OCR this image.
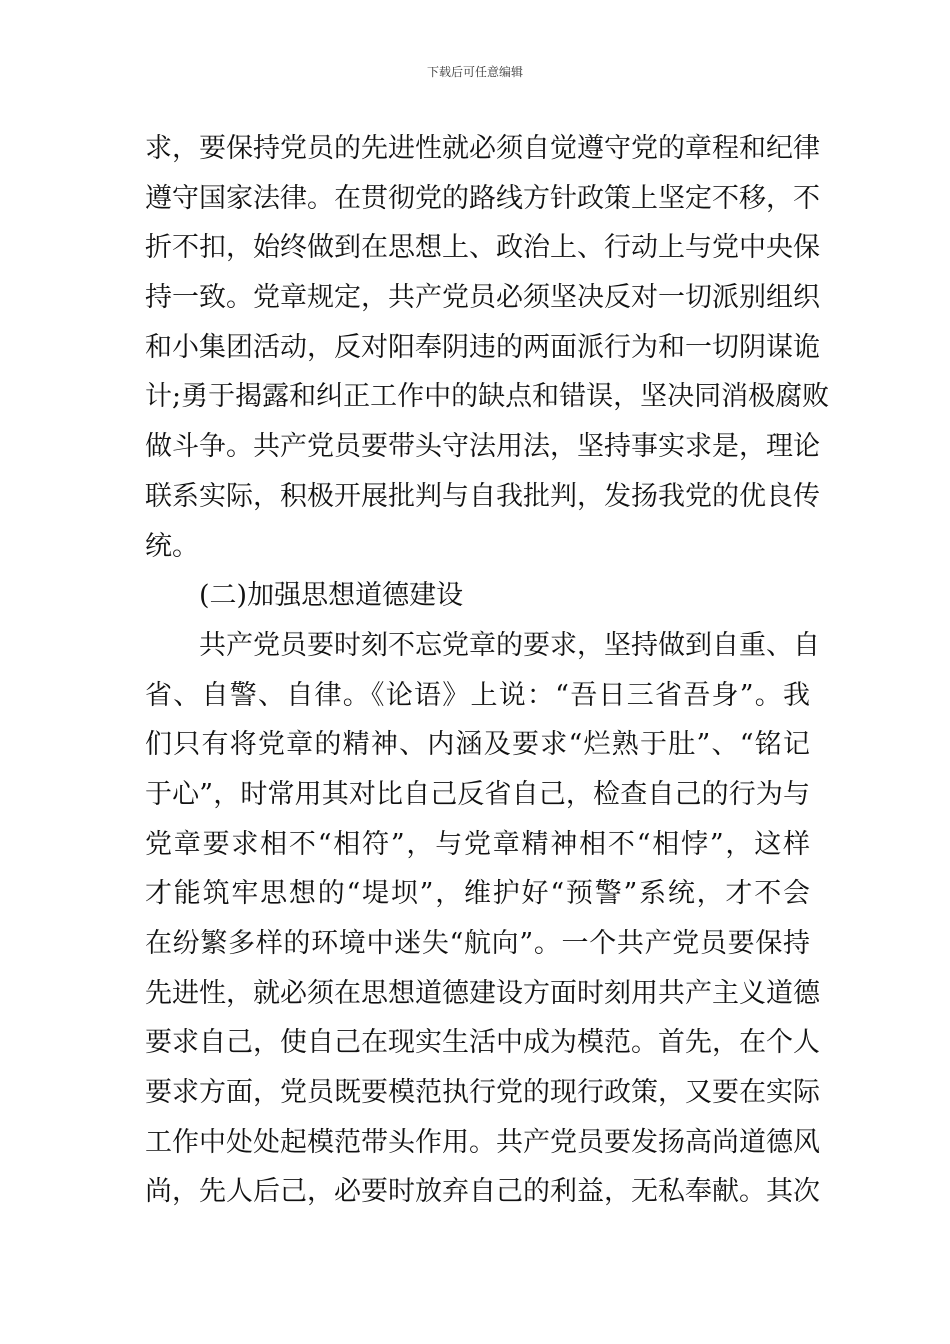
下载后可任意编辑
求，要保持党员的先进性就必须自觉遵守党的章程和纪律
遵守国家法律。在贯彻党的路线方针政策上坚定不移，不
折不扣，始终做到在思想上、政治上、行动上与党中央保
持一致。党章规定，共产党员必须坚决反对一切派别组织
和小集团活动，反对阳奉阴违的两面派行为和一切阴谋诡
计;勇于揭露和纠正工作中的缺点和错误，坚决同消极腐败
做斗争。共产党员要带头守法用法，坚持事实求是，理论
联系实际，积极开展批判与自我批判，发扬我党的优良传
统。
(二)加强思想道德建设
共产党员要时刻不忘党章的要求，坚持做到自重、自
省、自警、自律。《论语》上说：“吾日三省吾身”。我
们只有将党章的精神、内涵及要求“烂熟于肚”、“铭记
于心”，时常用其对比自己反省自己，检查自己的行为与
党章要求相不“相符”，与党章精神相不“相悖”，这样
才能筑牢思想的“堤坝”，维护好“预警”系统，才不会
在纷繁多样的环境中迷失“航向”。一个共产党员要保持
先进性，就必须在思想道德建设方面时刻用共产主义道德
要求自己，使自己在现实生活中成为模范。首先，在个人
要求方面，党员既要模范执行党的现行政策，又要在实际
工作中处处起模范带头作用。共产党员要发扬高尚道德风
尚，先人后己，必要时放弃自己的利益，无私奉献。其次
